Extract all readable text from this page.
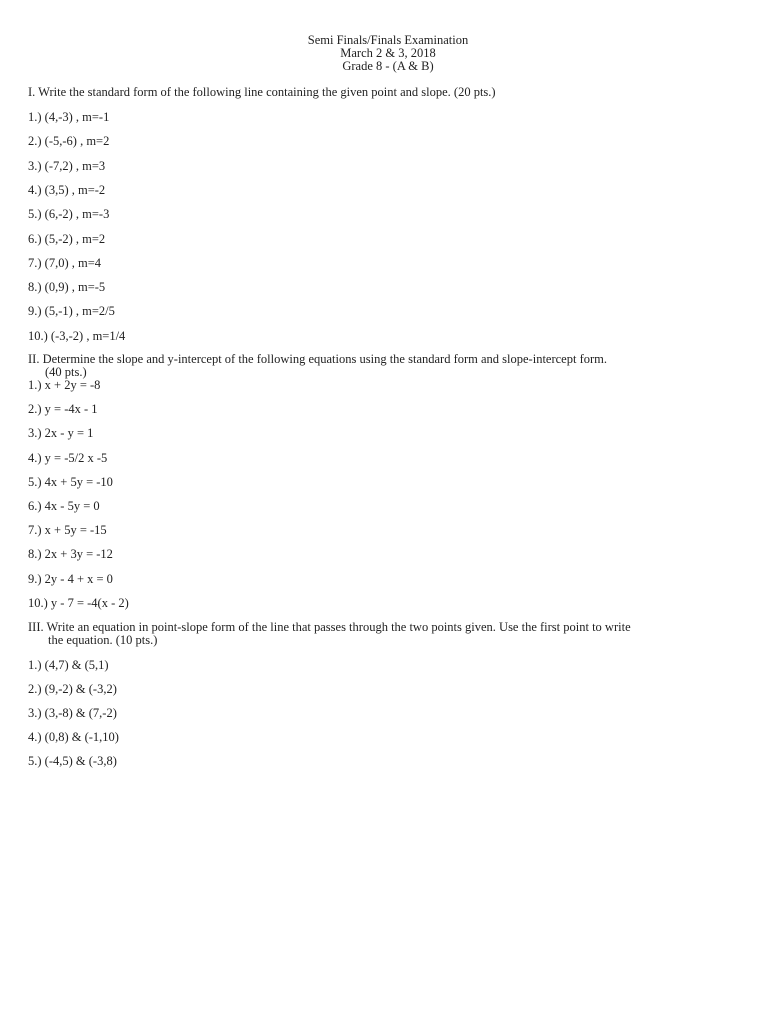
Semi Finals/Finals Examination
March 2 & 3, 2018
Grade 8 - (A & B)
I. Write the standard form of the following line containing the given point and slope. (20 pts.)
1.) (4,-3) , m=-1
2.) (-5,-6) , m=2
3.) (-7,2) , m=3
4.) (3,5) , m=-2
5.) (6,-2) , m=-3
6.) (5,-2) , m=2
7.) (7,0) , m=4
8.) (0,9) , m=-5
9.) (5,-1) , m=2/5
10.) (-3,-2) , m=1/4
II. Determine the slope and y-intercept of the following equations using the standard form and slope-intercept form.
(40 pts.)
1.) x + 2y = -8
2.) y = -4x - 1
3.) 2x - y = 1
4.) y = -5/2 x -5
5.) 4x + 5y = -10
6.) 4x - 5y = 0
7.) x + 5y = -15
8.) 2x + 3y = -12
9.) 2y - 4 + x = 0
10.) y - 7 = -4(x - 2)
III. Write an equation in point-slope form of the line that passes through the two points given. Use the first point to write
the equation. (10 pts.)
1.) (4,7) & (5,1)
2.) (9,-2) & (-3,2)
3.) (3,-8) & (7,-2)
4.) (0,8) & (-1,10)
5.) (-4,5) & (-3,8)
